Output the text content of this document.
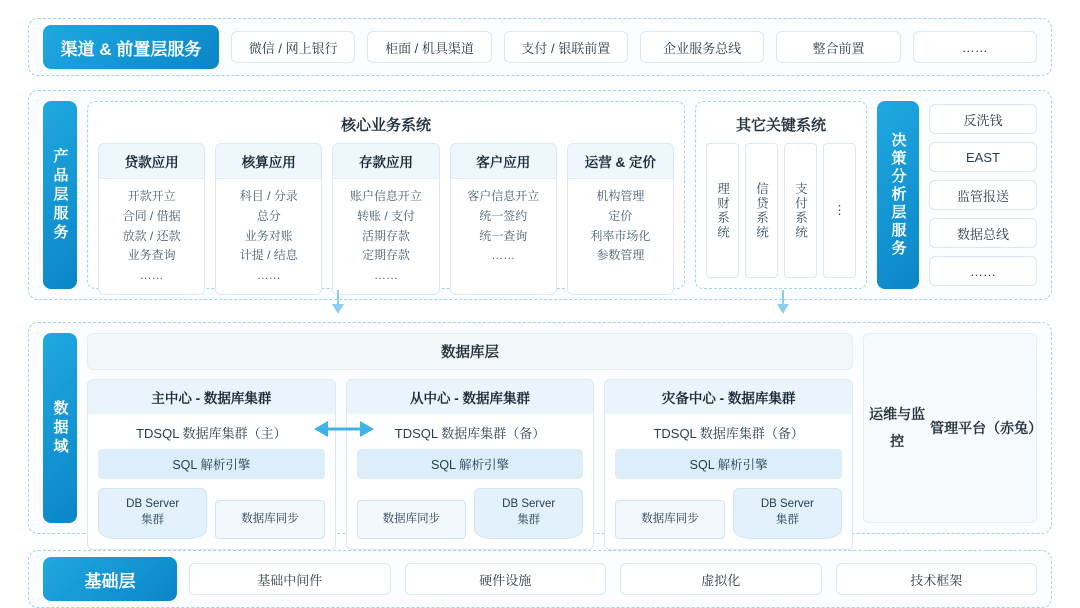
渠道 & 前置层服务	微信 / 网上银行	柜面 / 机具渠道	支付 / 银联前置	企业服务总线	整合前置	……
产品层服务
核心业务系统
贷款应用
开款开立
合同 / 借据
放款 / 还款
业务查询
……
核算应用
科目 / 分录
总分
业务对账
计提 / 结息
……
存款应用
账户信息开立
转账 / 支付
活期存款
定期存款
……
客户应用
客户信息开立
统一签约
统一查询
……
运营 & 定价
机构管理
定价
利率市场化
参数管理
其它关键系统
理财系统	信贷系统	支付系统	⋮	决策分析层服务
反洗钱
EAST
监管报送
数据总线
……
数据域
数据库层
主中心 - 数据库集群
TDSQL 数据库集群（主）
SQL 解析引擎
DB Server
集群	数据库同步
从中心 - 数据库集群
TDSQL 数据库集群（备）
SQL 解析引擎
数据库同步
DB Server
集群
灾备中心 - 数据库集群
TDSQL 数据库集群（备）
SQL 解析引擎
数据库同步
DB Server
集群
运维与监控
管理平台（赤兔）
基础层	基础中间件	硬件设施	虚拟化	技术框架
